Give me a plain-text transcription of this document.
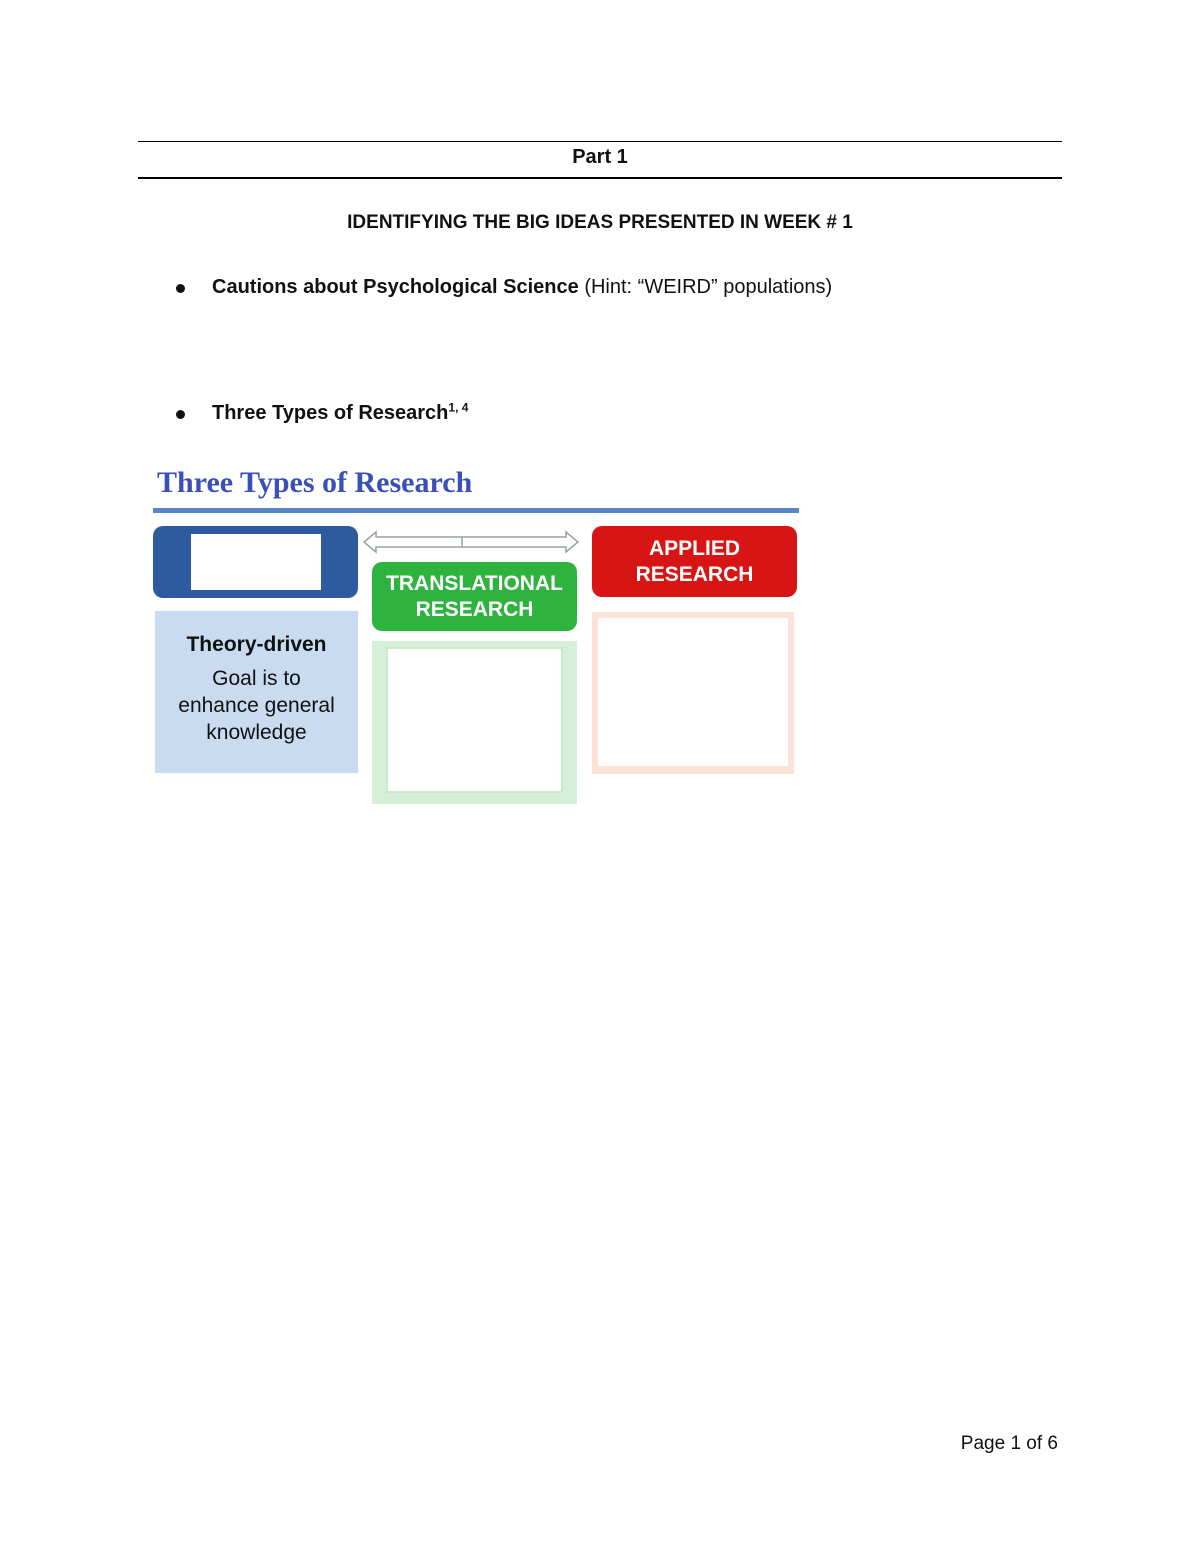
Part 1
IDENTIFYING THE BIG IDEAS PRESENTED IN WEEK # 1
Cautions about Psychological Science (Hint: “WEIRD” populations)
Three Types of Research$^{1, 4}$
Three Types of Research
TRANSLATIONAL
RESEARCH
APPLIED
RESEARCH
Theory-driven
Goal is to
enhance general
knowledge
Page 1 of 6
